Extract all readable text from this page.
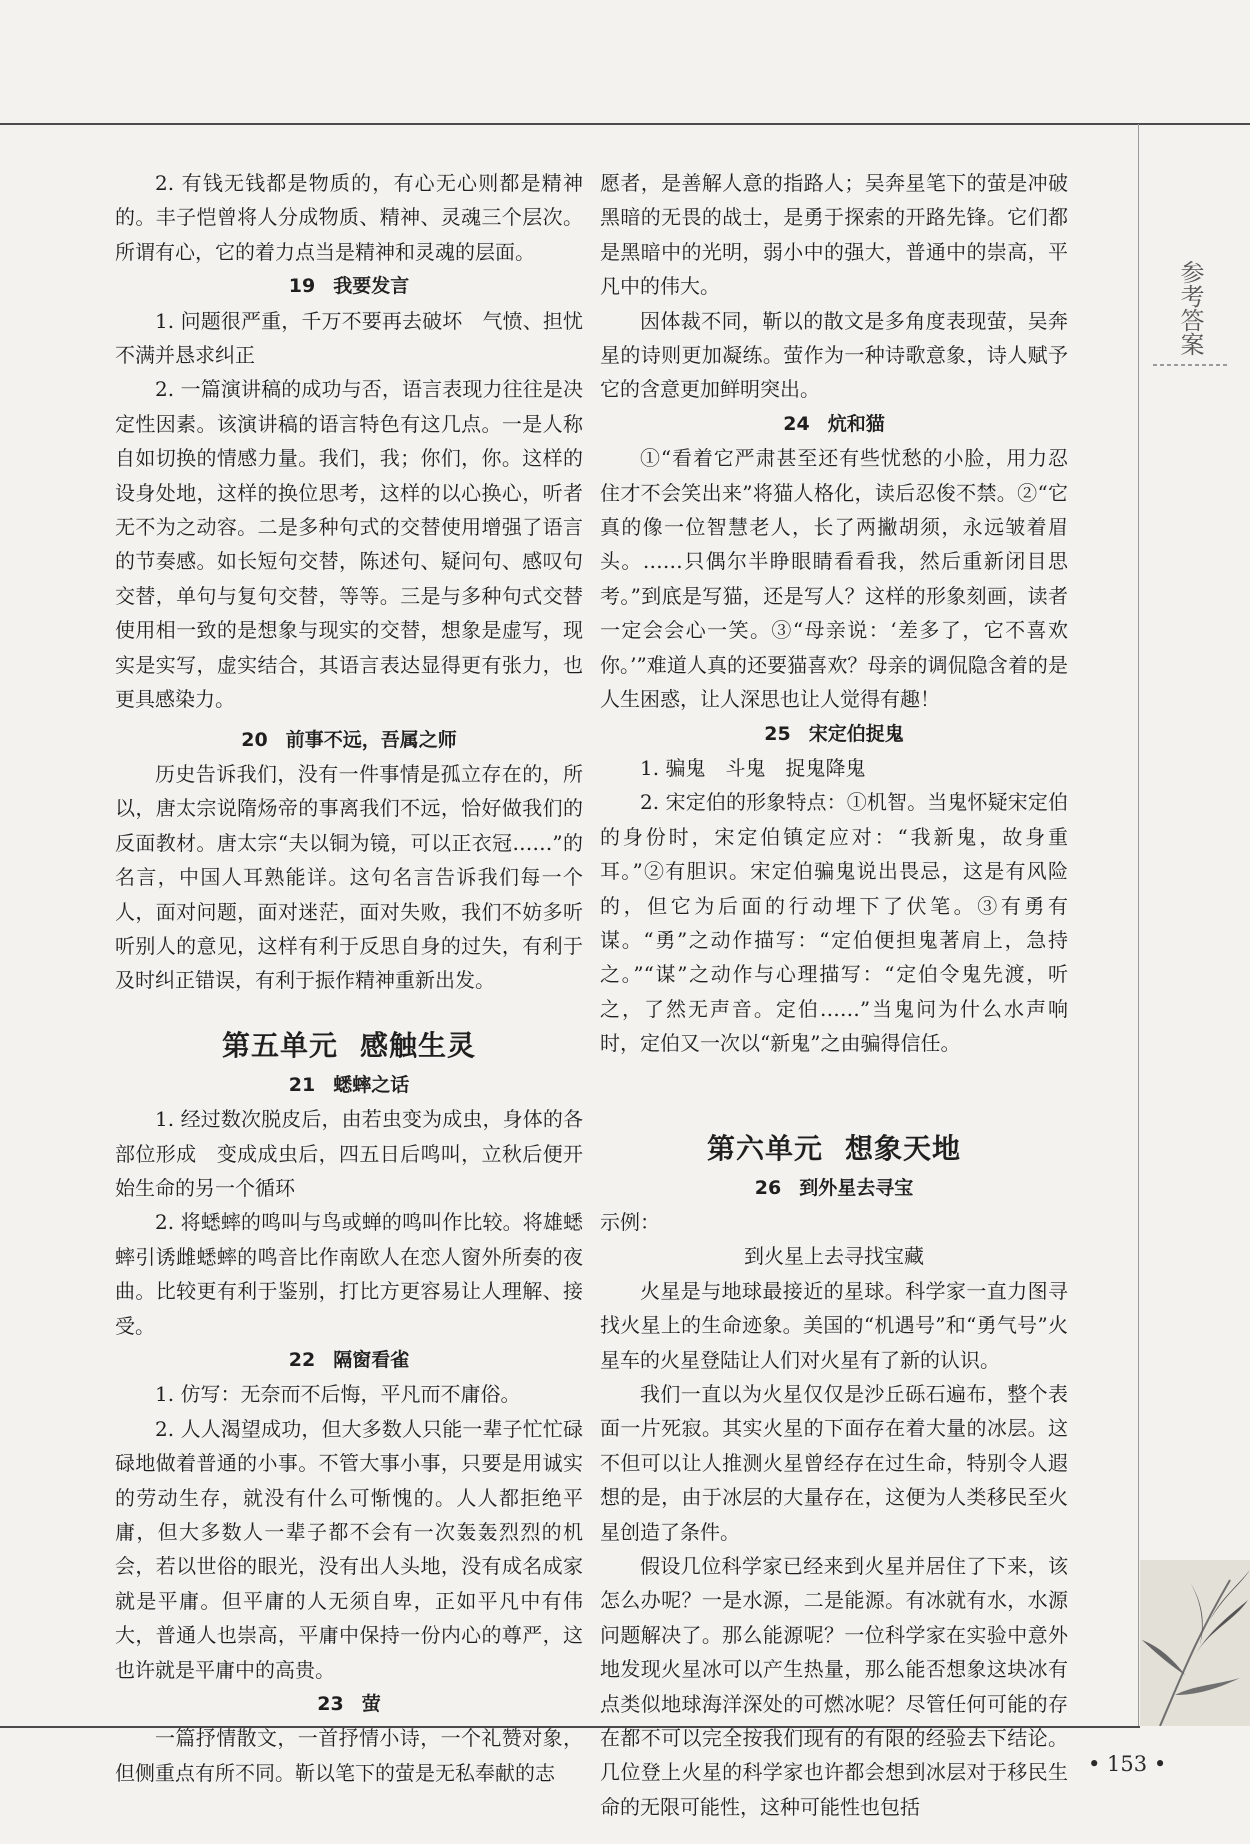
2. 有钱无钱都是物质的，有心无心则都是精神的。丰子恺曾将人分成物质、精神、灵魂三个层次。所谓有心，它的着力点当是精神和灵魂的层面。

19 我要发言

1. 问题很严重，千万不要再去破坏　气愤、担忧　不满并恳求纠正

2. 一篇演讲稿的成功与否，语言表现力往往是决定性因素。该演讲稿的语言特色有这几点。一是人称自如切换的情感力量。我们，我；你们，你。这样的设身处地，这样的换位思考，这样的以心换心，听者无不为之动容。二是多种句式的交替使用增强了语言的节奏感。如长短句交替，陈述句、疑问句、感叹句交替，单句与复句交替，等等。三是与多种句式交替使用相一致的是想象与现实的交替，想象是虚写，现实是实写，虚实结合，其语言表达显得更有张力，也更具感染力。

20 前事不远，吾属之师

历史告诉我们，没有一件事情是孤立存在的，所以，唐太宗说隋炀帝的事离我们不远，恰好做我们的反面教材。唐太宗“夫以铜为镜，可以正衣冠……”的名言，中国人耳熟能详。这句名言告诉我们每一个人，面对问题，面对迷茫，面对失败，我们不妨多听听别人的意见，这样有利于反思自身的过失，有利于及时纠正错误，有利于振作精神重新出发。

第五单元 感触生灵

21 蟋蟀之话

1. 经过数次脱皮后，由若虫变为成虫，身体的各部位形成　变成成虫后，四五日后鸣叫，立秋后便开始生命的另一个循环

2. 将蟋蟀的鸣叫与鸟或蝉的鸣叫作比较。将雄蟋蟀引诱雌蟋蟀的鸣音比作南欧人在恋人窗外所奏的夜曲。比较更有利于鉴别，打比方更容易让人理解、接受。

22 隔窗看雀

1. 仿写：无奈而不后悔，平凡而不庸俗。

2. 人人渴望成功，但大多数人只能一辈子忙忙碌碌地做着普通的小事。不管大事小事，只要是用诚实的劳动生存，就没有什么可惭愧的。人人都拒绝平庸，但大多数人一辈子都不会有一次轰轰烈烈的机会，若以世俗的眼光，没有出人头地，没有成名成家就是平庸。但平庸的人无须自卑，正如平凡中有伟大，普通人也崇高，平庸中保持一份内心的尊严，这也许就是平庸中的高贵。

23 萤

一篇抒情散文，一首抒情小诗，一个礼赞对象，但侧重点有所不同。靳以笔下的萤是无私奉献的志

愿者，是善解人意的指路人；吴奔星笔下的萤是冲破黑暗的无畏的战士，是勇于探索的开路先锋。它们都是黑暗中的光明，弱小中的强大，普通中的崇高，平凡中的伟大。

因体裁不同，靳以的散文是多角度表现萤，吴奔星的诗则更加凝练。萤作为一种诗歌意象，诗人赋予它的含意更加鲜明突出。

24 炕和猫

①“看着它严肃甚至还有些忧愁的小脸，用力忍住才不会笑出来”将猫人格化，读后忍俊不禁。②“它真的像一位智慧老人，长了两撇胡须，永远皱着眉头。……只偶尔半睁眼睛看看我，然后重新闭目思考。”到底是写猫，还是写人？这样的形象刻画，读者一定会会心一笑。③“母亲说：‘差多了，它不喜欢你。’”难道人真的还要猫喜欢？母亲的调侃隐含着的是人生困惑，让人深思也让人觉得有趣！

25 宋定伯捉鬼

1. 骗鬼　斗鬼　捉鬼降鬼

2. 宋定伯的形象特点：①机智。当鬼怀疑宋定伯的身份时，宋定伯镇定应对：“我新鬼，故身重耳。”②有胆识。宋定伯骗鬼说出畏忌，这是有风险的，但它为后面的行动埋下了伏笔。③有勇有谋。“勇”之动作描写：“定伯便担鬼著肩上，急持之。”“谋”之动作与心理描写：“定伯令鬼先渡，听之，了然无声音。定伯……”当鬼问为什么水声响时，定伯又一次以“新鬼”之由骗得信任。

第六单元 想象天地

26 到外星去寻宝

示例：

到火星上去寻找宝藏

火星是与地球最接近的星球。科学家一直力图寻找火星上的生命迹象。美国的“机遇号”和“勇气号”火星车的火星登陆让人们对火星有了新的认识。

我们一直以为火星仅仅是沙丘砾石遍布，整个表面一片死寂。其实火星的下面存在着大量的冰层。这不但可以让人推测火星曾经存在过生命，特别令人遐想的是，由于冰层的大量存在，这便为人类移民至火星创造了条件。

假设几位科学家已经来到火星并居住了下来，该怎么办呢？一是水源，二是能源。有冰就有水，水源问题解决了。那么能源呢？一位科学家在实验中意外地发现火星冰可以产生热量，那么能否想象这块冰有点类似地球海洋深处的可燃冰呢？尽管任何可能的存在都不可以完全按我们现有的有限的经验去下结论。几位登上火星的科学家也许都会想到冰层对于移民生命的无限可能性，这种可能性也包括

参考答案
• 153 •
